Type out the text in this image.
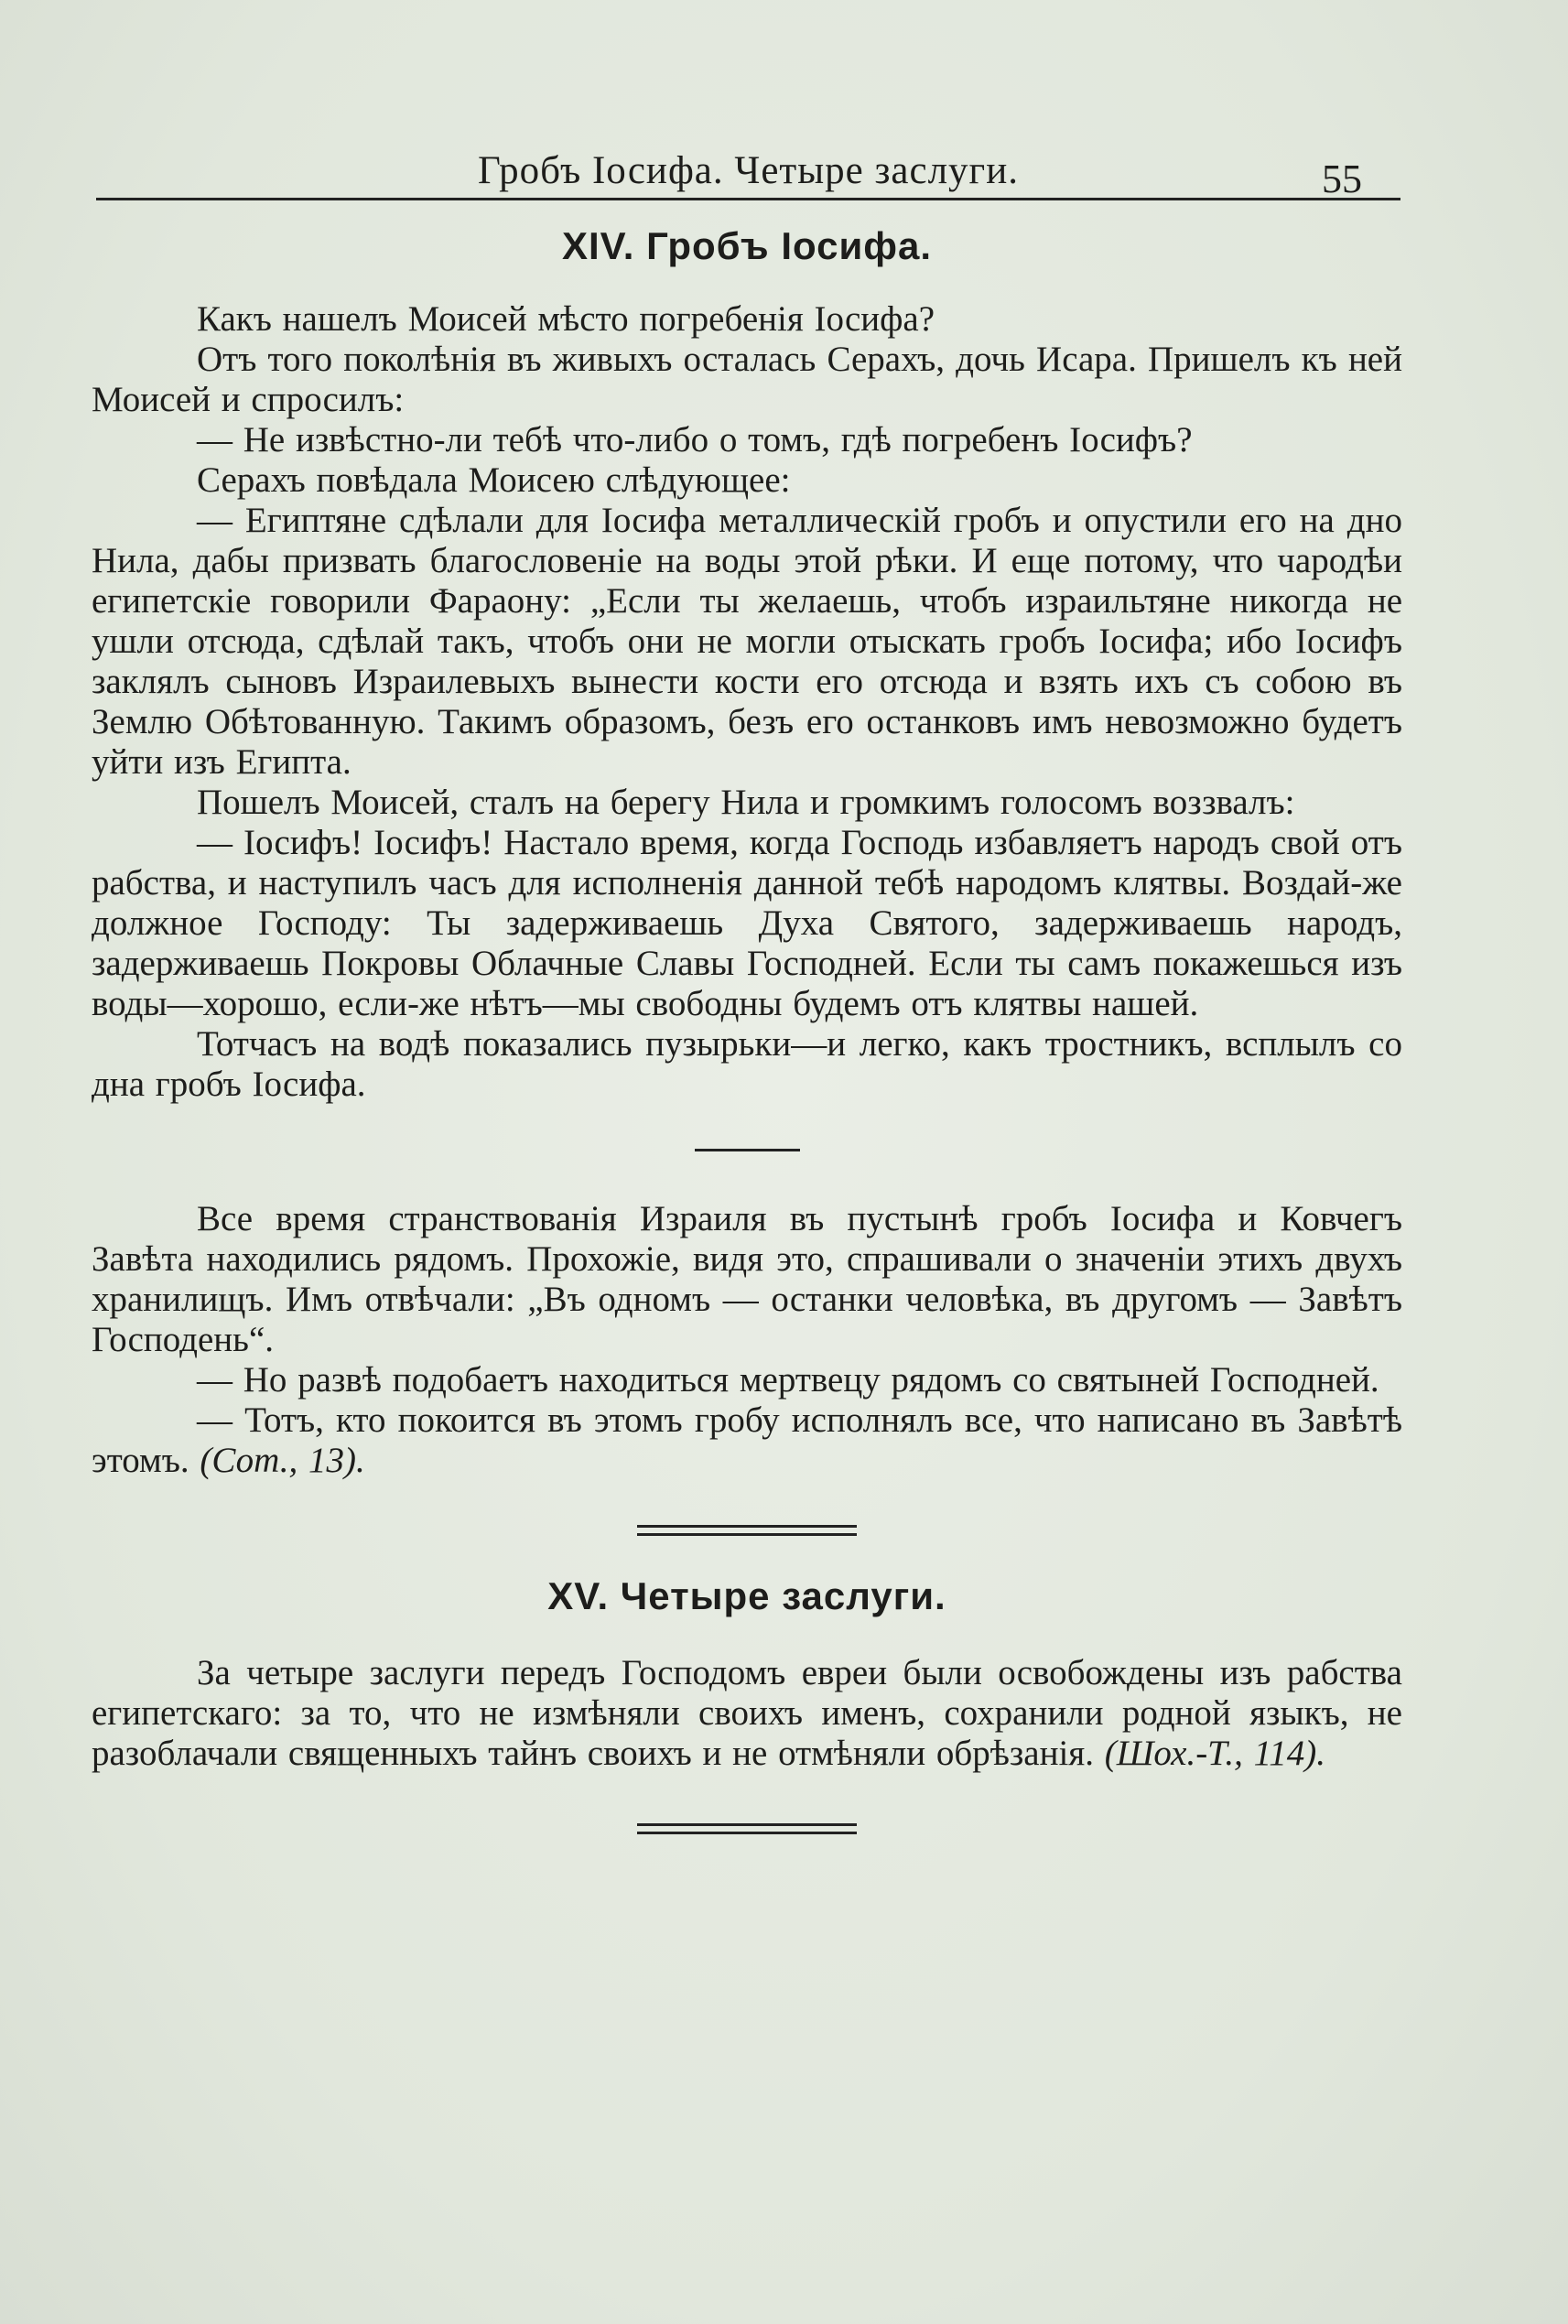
Гробъ Iосифа. Четыре заслуги.	55
XIV. Гробъ Iосифа.

Какъ нашелъ Моисей мѣсто погребенія Iосифа?

Отъ того поколѣнія въ живыхъ осталась Серахъ, дочь Исара. Пришелъ къ ней Моисей и спросилъ:

— Не извѣстно-ли тебѣ что-либо о томъ, гдѣ погребенъ Iосифъ?

Серахъ повѣдала Моисею слѣдующее:

— Египтяне сдѣлали для Iосифа металлическій гробъ и опустили его на дно Нила, дабы призвать благословеніе на воды этой рѣки. И еще потому, что чародѣи египетскіе говорили Фараону: „Если ты желаешь, чтобъ израильтяне никогда не ушли отсюда, сдѣлай такъ, чтобъ они не могли отыскать гробъ Iосифа; ибо Iосифъ заклялъ сыновъ Израилевыхъ вынести кости его отсюда и взять ихъ съ собою въ Землю Обѣтованную. Такимъ образомъ, безъ его останковъ имъ невозможно будетъ уйти изъ Египта.

Пошелъ Моисей, сталъ на берегу Нила и громкимъ голосомъ воззвалъ:

— Iосифъ! Iосифъ! Настало время, когда Господь избавляетъ народъ свой отъ рабства, и наступилъ часъ для исполненія данной тебѣ народомъ клятвы. Воздай-же должное Господу: Ты задерживаешь Духа Святого, задерживаешь народъ, задерживаешь Покровы Облачные Славы Господней. Если ты самъ покажешься изъ воды—хорошо, если-же нѣтъ—мы свободны будемъ отъ клятвы нашей.

Тотчасъ на водѣ показались пузырьки—и легко, какъ тростникъ, всплылъ со дна гробъ Iосифа.

Все время странствованія Израиля въ пустынѣ гробъ Iосифа и Ковчегъ Завѣта находились рядомъ. Прохожіе, видя это, спрашивали о значеніи этихъ двухъ хранилищъ. Имъ отвѣчали: „Въ одномъ — останки человѣка, въ другомъ — Завѣтъ Господень“.

— Но развѣ подобаетъ находиться мертвецу рядомъ со святыней Господней.

— Тотъ, кто покоится въ этомъ гробу исполнялъ все, что написано въ Завѣтѣ этомъ. (Сот., 13).

XV. Четыре заслуги.

За четыре заслуги передъ Господомъ евреи были освобождены изъ рабства египетскаго: за то, что не измѣняли своихъ именъ, сохранили родной языкъ, не разоблачали священныхъ тайнъ своихъ и не отмѣняли обрѣзанія. (Шох.-Т., 114).
